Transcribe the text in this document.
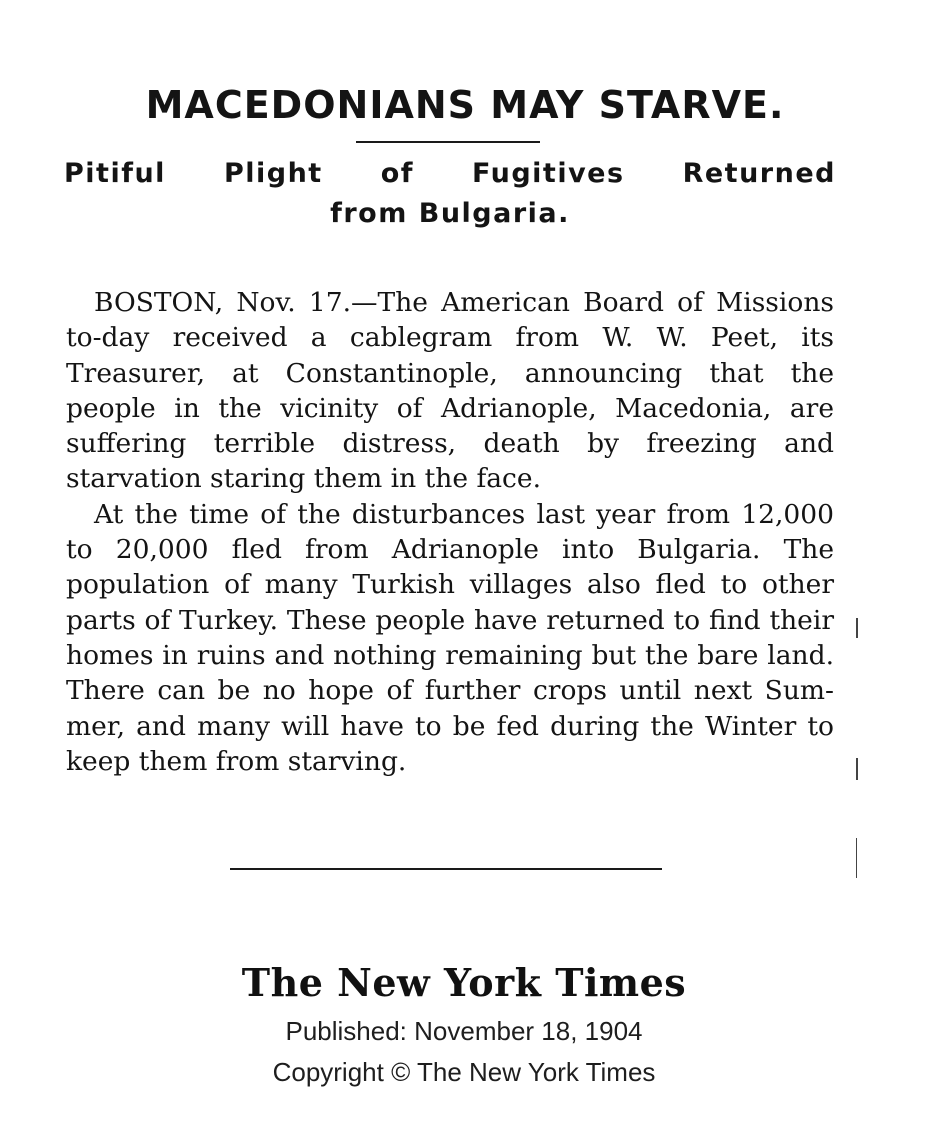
MACEDONIANS MAY STARVE.
Pitiful Plight of Fugitives Returned
from Bulgaria.

BOSTON, Nov. 17.—The American Board of Missions to-day received a cablegram from W. W. Peet, its Treasurer, at Constantinople, announcing that the people in the vicinity of Adrianople, Macedonia, are suffering terrible distress, death by freezing and starvation staring them in the face.

At the time of the disturbances last year from 12,000 to 20,000 fled from Adrianople into Bulgaria. The population of many Turkish villages also fled to other parts of Turkey. These people have returned to find their homes in ruins and nothing remaining but the bare land. There can be no hope of further crops until next Summer, and many will have to be fed during the Winter to keep them from starving.

The New York Times
Published: November 18, 1904
Copyright © The New York Times
